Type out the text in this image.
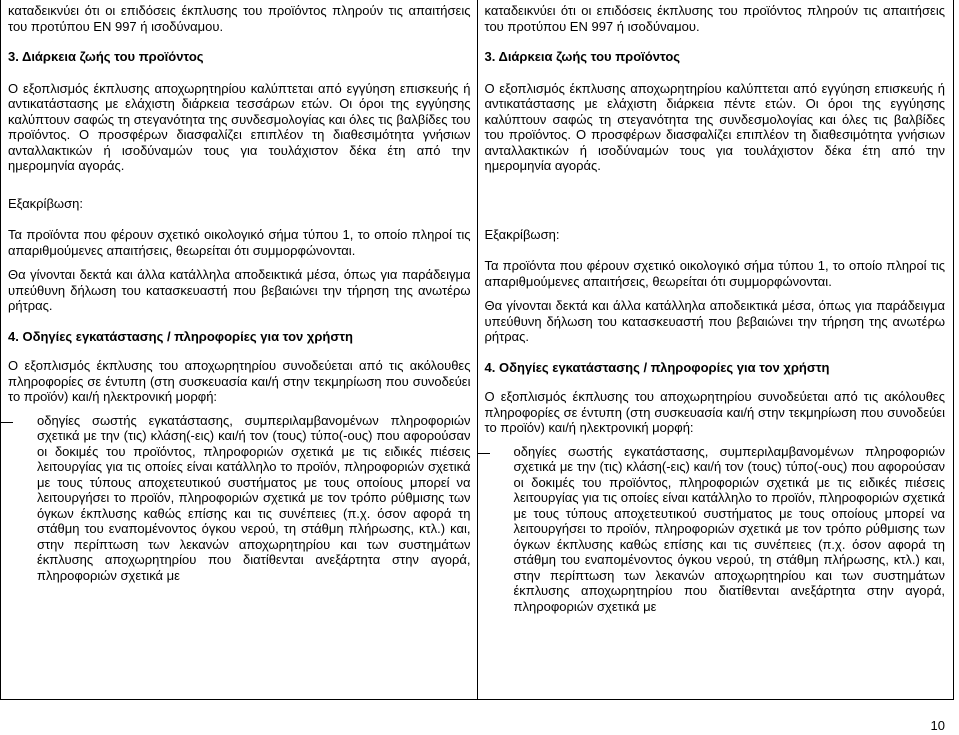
καταδεικνύει ότι οι επιδόσεις έκπλυσης του προϊόντος πληρούν τις απαιτήσεις του προτύπου EN 997 ή ισοδύναμου.

3. Διάρκεια ζωής του προϊόντος

Ο εξοπλισμός έκπλυσης αποχωρητηρίου καλύπτεται από εγγύηση επισκευής ή αντικατάστασης με ελάχιστη διάρκεια τεσσάρων ετών. Οι όροι της εγγύησης καλύπτουν σαφώς τη στεγανότητα της συνδεσμολογίας και όλες τις βαλβίδες του προϊόντος. Ο προσφέρων διασφαλίζει επιπλέον τη διαθεσιμότητα γνήσιων ανταλλακτικών ή ισοδύναμών τους για τουλάχιστον δέκα έτη από την ημερομηνία αγοράς.

Εξακρίβωση:

Τα προϊόντα που φέρουν σχετικό οικολογικό σήμα τύπου 1, το οποίο πληροί τις απαριθμούμενες απαιτήσεις, θεωρείται ότι συμμορφώνονται.

Θα γίνονται δεκτά και άλλα κατάλληλα αποδεικτικά μέσα, όπως για παράδειγμα υπεύθυνη δήλωση του κατασκευαστή που βεβαιώνει την τήρηση της ανωτέρω ρήτρας.

4. Οδηγίες εγκατάστασης / πληροφορίες για τον χρήστη

Ο εξοπλισμός έκπλυσης του αποχωρητηρίου συνοδεύεται από τις ακόλουθες πληροφορίες σε έντυπη (στη συσκευασία και/ή στην τεκμηρίωση που συνοδεύει το προϊόν) και/ή ηλεκτρονική μορφή:

οδηγίες σωστής εγκατάστασης, συμπεριλαμβανομένων πληροφοριών σχετικά με την (τις) κλάση(-εις) και/ή τον (τους) τύπο(-ους) που αφορούσαν οι δοκιμές του προϊόντος, πληροφοριών σχετικά με τις ειδικές πιέσεις λειτουργίας για τις οποίες είναι κατάλληλο το προϊόν, πληροφοριών σχετικά με τους τύπους αποχετευτικού συστήματος με τους οποίους μπορεί να λειτουργήσει το προϊόν, πληροφοριών σχετικά με τον τρόπο ρύθμισης των όγκων έκπλυσης καθώς επίσης και τις συνέπειες (π.χ. όσον αφορά τη στάθμη του εναπομένοντος όγκου νερού, τη στάθμη πλήρωσης, κτλ.) και, στην περίπτωση των λεκανών αποχωρητηρίου και των συστημάτων έκπλυσης αποχωρητηρίου που διατίθενται ανεξάρτητα στην αγορά, πληροφοριών σχετικά με

καταδεικνύει ότι οι επιδόσεις έκπλυσης του προϊόντος πληρούν τις απαιτήσεις του προτύπου EN 997 ή ισοδύναμου.

3. Διάρκεια ζωής του προϊόντος

Ο εξοπλισμός έκπλυσης αποχωρητηρίου καλύπτεται από εγγύηση επισκευής ή αντικατάστασης με ελάχιστη διάρκεια πέντε ετών. Οι όροι της εγγύησης καλύπτουν σαφώς τη στεγανότητα της συνδεσμολογίας και όλες τις βαλβίδες του προϊόντος. Ο προσφέρων διασφαλίζει επιπλέον τη διαθεσιμότητα γνήσιων ανταλλακτικών ή ισοδύναμών τους για τουλάχιστον δέκα έτη από την ημερομηνία αγοράς.

Εξακρίβωση:

Τα προϊόντα που φέρουν σχετικό οικολογικό σήμα τύπου 1, το οποίο πληροί τις απαριθμούμενες απαιτήσεις, θεωρείται ότι συμμορφώνονται.

Θα γίνονται δεκτά και άλλα κατάλληλα αποδεικτικά μέσα, όπως για παράδειγμα υπεύθυνη δήλωση του κατασκευαστή που βεβαιώνει την τήρηση της ανωτέρω ρήτρας.

4. Οδηγίες εγκατάστασης / πληροφορίες για τον χρήστη

Ο εξοπλισμός έκπλυσης του αποχωρητηρίου συνοδεύεται από τις ακόλουθες πληροφορίες σε έντυπη (στη συσκευασία και/ή στην τεκμηρίωση που συνοδεύει το προϊόν) και/ή ηλεκτρονική μορφή:

οδηγίες σωστής εγκατάστασης, συμπεριλαμβανομένων πληροφοριών σχετικά με την (τις) κλάση(-εις) και/ή τον (τους) τύπο(-ους) που αφορούσαν οι δοκιμές του προϊόντος, πληροφοριών σχετικά με τις ειδικές πιέσεις λειτουργίας για τις οποίες είναι κατάλληλο το προϊόν, πληροφοριών σχετικά με τους τύπους αποχετευτικού συστήματος με τους οποίους μπορεί να λειτουργήσει το προϊόν, πληροφοριών σχετικά με τον τρόπο ρύθμισης των όγκων έκπλυσης καθώς επίσης και τις συνέπειες (π.χ. όσον αφορά τη στάθμη του εναπομένοντος όγκου νερού, τη στάθμη πλήρωσης, κτλ.) και, στην περίπτωση των λεκανών αποχωρητηρίου και των συστημάτων έκπλυσης αποχωρητηρίου που διατίθενται ανεξάρτητα στην αγορά, πληροφοριών σχετικά με

10
